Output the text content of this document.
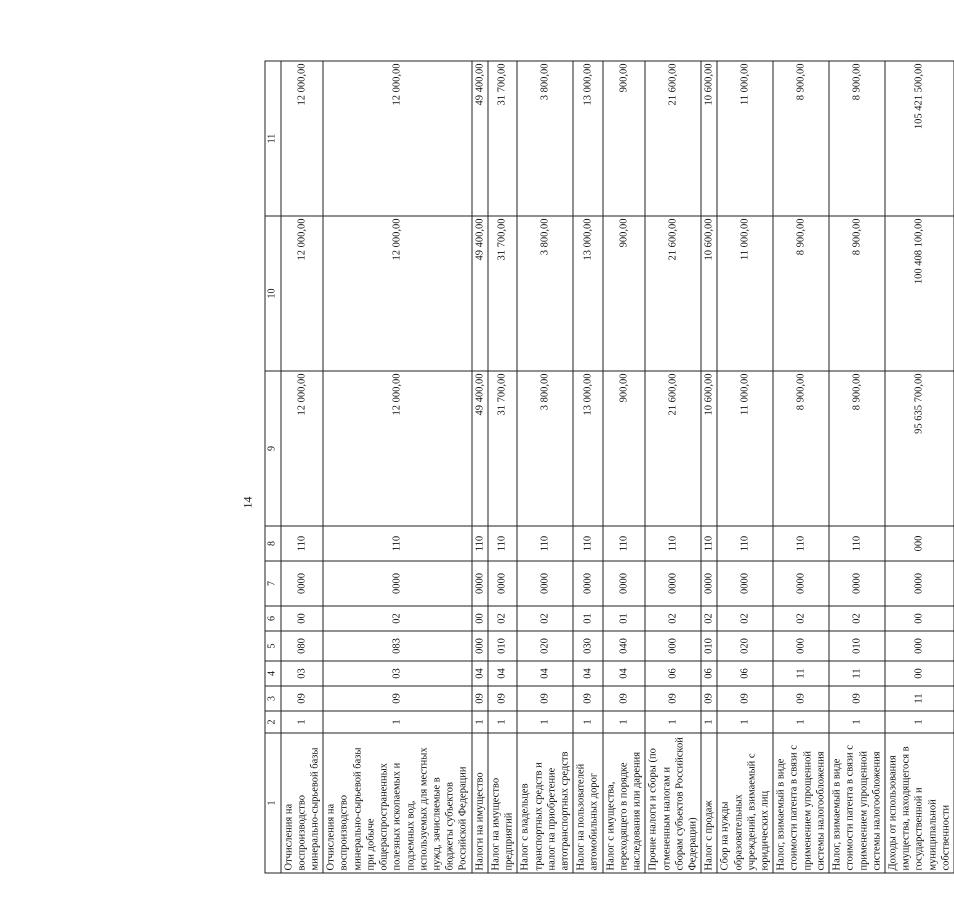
14
1	2	3	4	5	6	7	8	9	10	11
Отчисления на воспроизводство минерально-сырьевой базы	1	09	03	080	00	0000	110	12 000,00	12 000,00	12 000,00
Отчисления на воспроизводство минерально-сырьевой базы при добыче общераспространенных полезных ископаемых и подземных вод, используемых для местных нужд, зачисляемые в бюджеты субъектов Российской Федерации	1	09	03	083	02	0000	110	12 000,00	12 000,00	12 000,00
Налоги на имущество	1	09	04	000	00	0000	110	49 400,00	49 400,00	49 400,00
Налог на имущество предприятий	1	09	04	010	02	0000	110	31 700,00	31 700,00	31 700,00
Налог с владельцев транспортных средств и налог на приобретение автотранспортных средств	1	09	04	020	02	0000	110	3 800,00	3 800,00	3 800,00
Налог на пользователей автомобильных дорог	1	09	04	030	01	0000	110	13 000,00	13 000,00	13 000,00
Налог с имущества, переходящего в порядке наследования или дарения	1	09	04	040	01	0000	110	900,00	900,00	900,00
Прочие налоги и сборы (по отмененным налогам и сборам субъектов Российской Федерации)	1	09	06	000	02	0000	110	21 600,00	21 600,00	21 600,00
Налог с продаж	1	09	06	010	02	0000	110	10 600,00	10 600,00	10 600,00
Сбор на нужды образовательных учреждений, взимаемый с юридических лиц	1	09	06	020	02	0000	110	11 000,00	11 000,00	11 000,00
Налог, взимаемый в виде стоимости патента в связи с применением упрощенной системы налогообложения	1	09	11	000	02	0000	110	8 900,00	8 900,00	8 900,00
Налог, взимаемый в виде стоимости патента в связи с применением упрощенной системы налогообложения	1	09	11	010	02	0000	110	8 900,00	8 900,00	8 900,00
Доходы от использования имущества, находящегося в государственной и муниципальной собственности	1	11	00	000	00	0000	000	95 635 700,00	100 408 100,00	105 421 500,00
